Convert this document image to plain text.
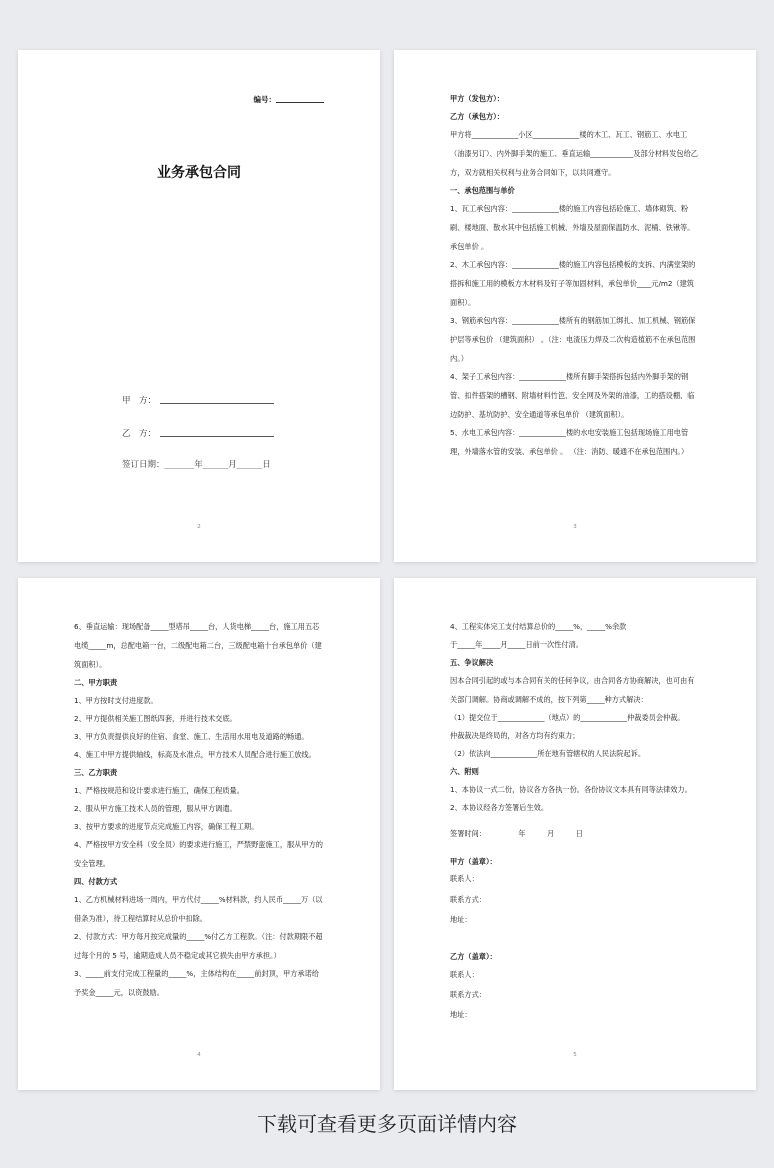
编号：
业务承包合同
甲　方：
乙　方：
签订日期：_______年______月______日
2
甲方（发包方）：
乙方（承包方）：
甲方将_____________小区_____________楼的木工、瓦工、钢筋工、水电工（油漆另订）、内外脚手架的施工、垂直运输____________及部分材料发包给乙方，双方就相关权利与业务合同如下，以共同遵守。
一、承包范围与单价
1、瓦工承包内容：_____________楼的施工内容包括砼施工、墙体砌筑、粉刷、楼地面、散水其中包括施工机械、外墙及屋面保温防水、泥桶、铁锹等。承包单价 。
2、木工承包内容：_____________楼的施工内容包括模板的支拆、内满堂架的搭拆和施工用的模板方木材料及钉子等加固材料，承包单价____元/m2（建筑面积）。
3、钢筋承包内容：_____________楼所有的钢筋加工绑扎、加工机械、钢筋保护层等承包价 （建筑面积） 。（注：电渣压力焊及二次构造植筋不在承包范围内。）
4、架子工承包内容：_____________楼所有脚手架搭拆包括内外脚手架的钢管、扣件搭架的槽钢、附墙材料竹笆、安全网及外架的油漆，工的搭设棚、临边防护、基坑防护、安全通道等承包单价 （建筑面积）。
5、水电工承包内容：_____________楼的水电安装施工包括现场施工用电管理，外墙落水管的安装、承包单价 。 （注：消防、暖通不在承包范围内。）
3
6、垂直运输：现场配备_____型塔吊_____台，人货电梯_____台，施工用五芯电缆_____m，总配电箱一台，二级配电箱二台，三级配电箱十台承包单价（建筑面积）。
二、甲方职责
1、甲方按时支付进度款。
2、甲方提供相关施工图纸四套，并进行技术交底。
3、甲方负责提供良好的住宿、食堂、施工、生活用水用电及道路的畅通。
4、施工中甲方提供轴线，标高及水准点，甲方技术人员配合进行施工放线。
三、乙方职责
1、严格按规范和设计要求进行施工，确保工程质量。
2、服从甲方施工技术人员的管理，服从甲方调遣。
3、按甲方要求的进度节点完成施工内容，确保工程工期。
4、严格按甲方安全科（安全员）的要求进行施工，严禁野蛮施工，服从甲方的安全管理。
四、付款方式
1、乙方机械材料进场一周内，甲方代付_____%材料款，约人民币_____万（以借条为准），待工程结算时从总价中扣除。
2、付款方式：甲方每月按完成量的_____%付乙方工程款。（注：付款期限不超过每个月的 5 号，逾期造成人员不稳定或其它损失由甲方承担。）
3、_____前支付完成工程量的_____%，主体结构在_____前封顶，甲方承诺给予奖金_____元，以资鼓励。
4
4、工程实体完工支付结算总价的_____%，_____%余款
于_____年_____月_____日前一次性付清。
五、争议解决
因本合同引起的或与本合同有关的任何争议，由合同各方协商解决，也可由有关部门调解。协商或调解不成的，按下列第_____种方式解决：
（1）提交位于_____________（地点）的_____________仲裁委员会仲裁。
仲裁裁决是终局的，对各方均有约束力；
（2）依法向_____________所在地有管辖权的人民法院起诉。
六、附则
1、本协议一式二份，协议各方各执一份。各份协议文本具有同等法律效力。
2、本协议经各方签署后生效。
签署时间：　　　　　年　　　月　　　日
甲方（盖章）：
联系人：
联系方式：
地址：
乙方（盖章）：
联系人：
联系方式：
地址：
5
下载可查看更多页面详情内容
